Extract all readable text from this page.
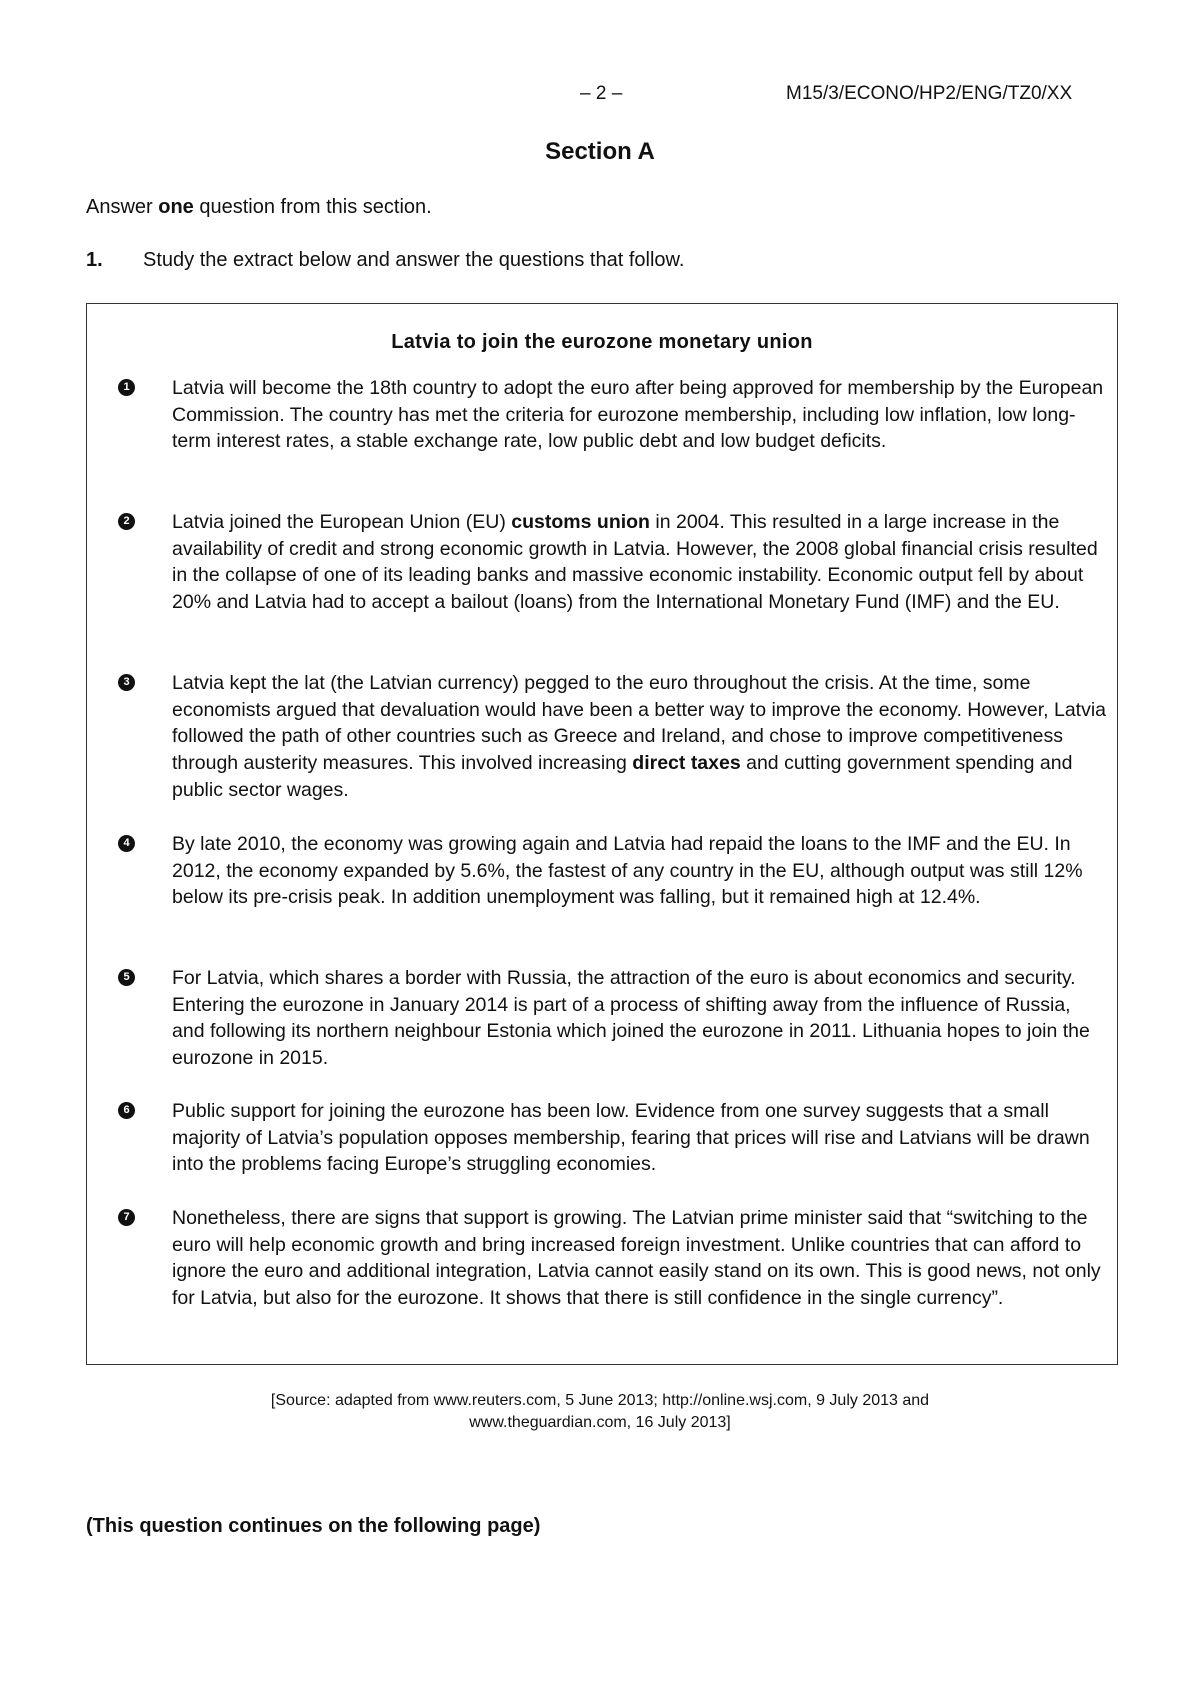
– 2 –	M15/3/ECONO/HP2/ENG/TZ0/XX
Section A
Answer one question from this section.
1. Study the extract below and answer the questions that follow.
Latvia to join the eurozone monetary union
1 Latvia will become the 18th country to adopt the euro after being approved for membership by the European Commission. The country has met the criteria for eurozone membership, including low inflation, low long-term interest rates, a stable exchange rate, low public debt and low budget deficits.
2 Latvia joined the European Union (EU) customs union in 2004. This resulted in a large increase in the availability of credit and strong economic growth in Latvia. However, the 2008 global financial crisis resulted in the collapse of one of its leading banks and massive economic instability. Economic output fell by about 20% and Latvia had to accept a bailout (loans) from the International Monetary Fund (IMF) and the EU.
3 Latvia kept the lat (the Latvian currency) pegged to the euro throughout the crisis. At the time, some economists argued that devaluation would have been a better way to improve the economy. However, Latvia followed the path of other countries such as Greece and Ireland, and chose to improve competitiveness through austerity measures. This involved increasing direct taxes and cutting government spending and public sector wages.
4 By late 2010, the economy was growing again and Latvia had repaid the loans to the IMF and the EU. In 2012, the economy expanded by 5.6%, the fastest of any country in the EU, although output was still 12% below its pre-crisis peak. In addition unemployment was falling, but it remained high at 12.4%.
5 For Latvia, which shares a border with Russia, the attraction of the euro is about economics and security. Entering the eurozone in January 2014 is part of a process of shifting away from the influence of Russia, and following its northern neighbour Estonia which joined the eurozone in 2011. Lithuania hopes to join the eurozone in 2015.
6 Public support for joining the eurozone has been low. Evidence from one survey suggests that a small majority of Latvia’s population opposes membership, fearing that prices will rise and Latvians will be drawn into the problems facing Europe’s struggling economies.
7 Nonetheless, there are signs that support is growing. The Latvian prime minister said that “switching to the euro will help economic growth and bring increased foreign investment. Unlike countries that can afford to ignore the euro and additional integration, Latvia cannot easily stand on its own. This is good news, not only for Latvia, but also for the eurozone. It shows that there is still confidence in the single currency”.
[Source: adapted from www.reuters.com, 5 June 2013; http://online.wsj.com, 9 July 2013 and
www.theguardian.com, 16 July 2013]
(This question continues on the following page)
